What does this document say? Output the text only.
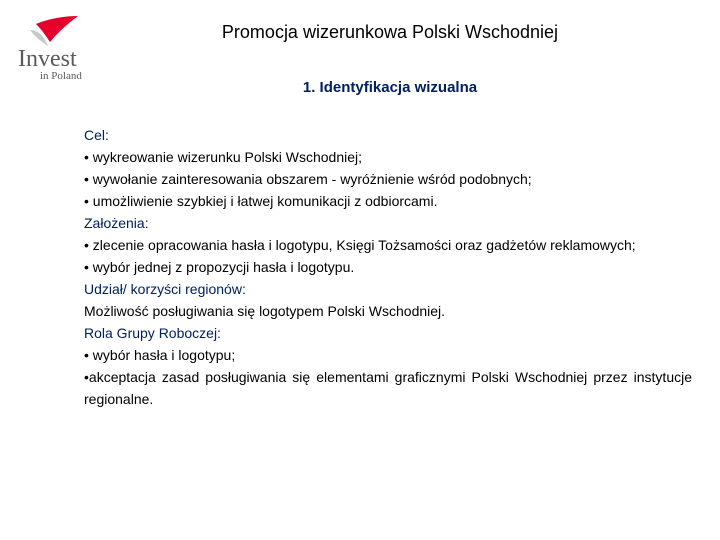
Invest
in Poland
Promocja wizerunkowa Polski Wschodniej
1. Identyfikacja wizualna

Cel:

• wykreowanie wizerunku Polski Wschodniej;

• wywołanie zainteresowania obszarem - wyróżnienie wśród podobnych;

• umożliwienie szybkiej i łatwej komunikacji z odbiorcami.

Założenia:

• zlecenie opracowania hasła i logotypu, Księgi Tożsamości oraz gadżetów reklamowych;

• wybór jednej z propozycji hasła i logotypu.

Udział/ korzyści regionów:

Możliwość posługiwania się logotypem Polski Wschodniej.

Rola Grupy Roboczej:

• wybór hasła i logotypu;

•akceptacja zasad posługiwania się elementami graficznymi Polski Wschodniej przez instytucje regionalne.
